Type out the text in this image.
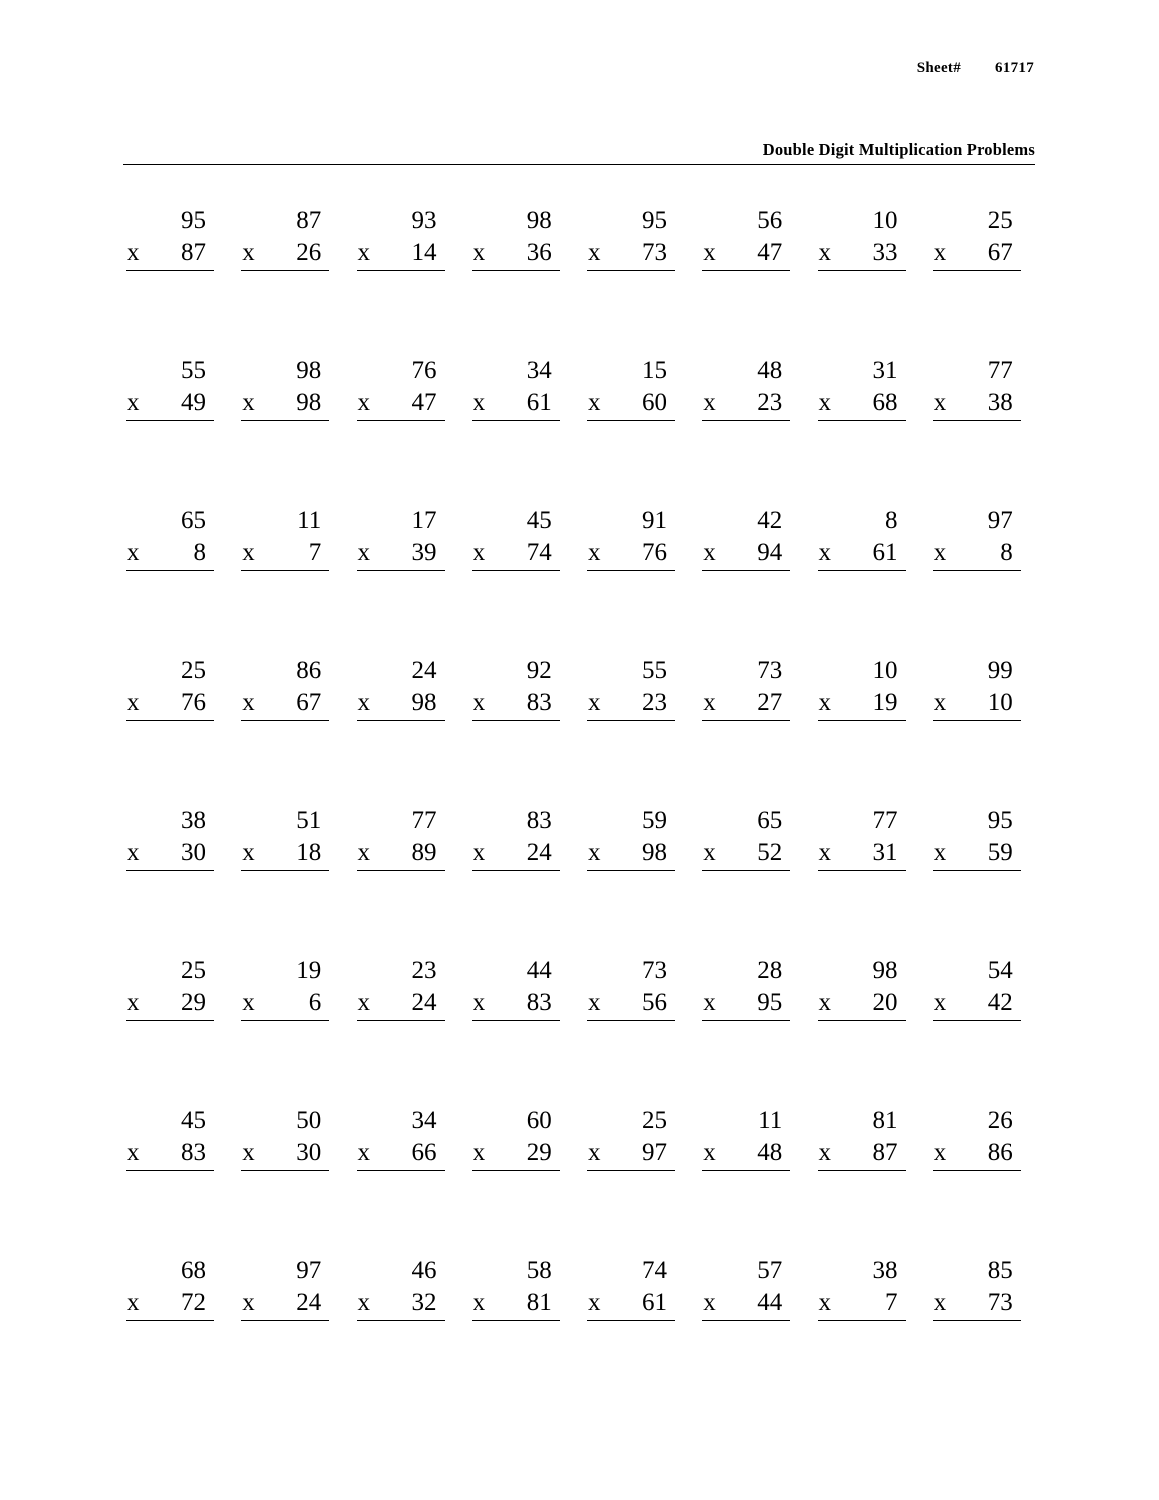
Sheet# 61717
Double Digit Multiplication Problems
95
x 87
87
x 26
93
x 14
98
x 36
95
x 73
56
x 47
10
x 33
25
x 67
55
x 49
98
x 98
76
x 47
34
x 61
15
x 60
48
x 23
31
x 68
77
x 38
65
x 8
11
x 7
17
x 39
45
x 74
91
x 76
42
x 94
8
x 61
97
x 8
25
x 76
86
x 67
24
x 98
92
x 83
55
x 23
73
x 27
10
x 19
99
x 10
38
x 30
51
x 18
77
x 89
83
x 24
59
x 98
65
x 52
77
x 31
95
x 59
25
x 29
19
x 6
23
x 24
44
x 83
73
x 56
28
x 95
98
x 20
54
x 42
45
x 83
50
x 30
34
x 66
60
x 29
25
x 97
11
x 48
81
x 87
26
x 86
68
x 72
97
x 24
46
x 32
58
x 81
74
x 61
57
x 44
38
x 7
85
x 73
